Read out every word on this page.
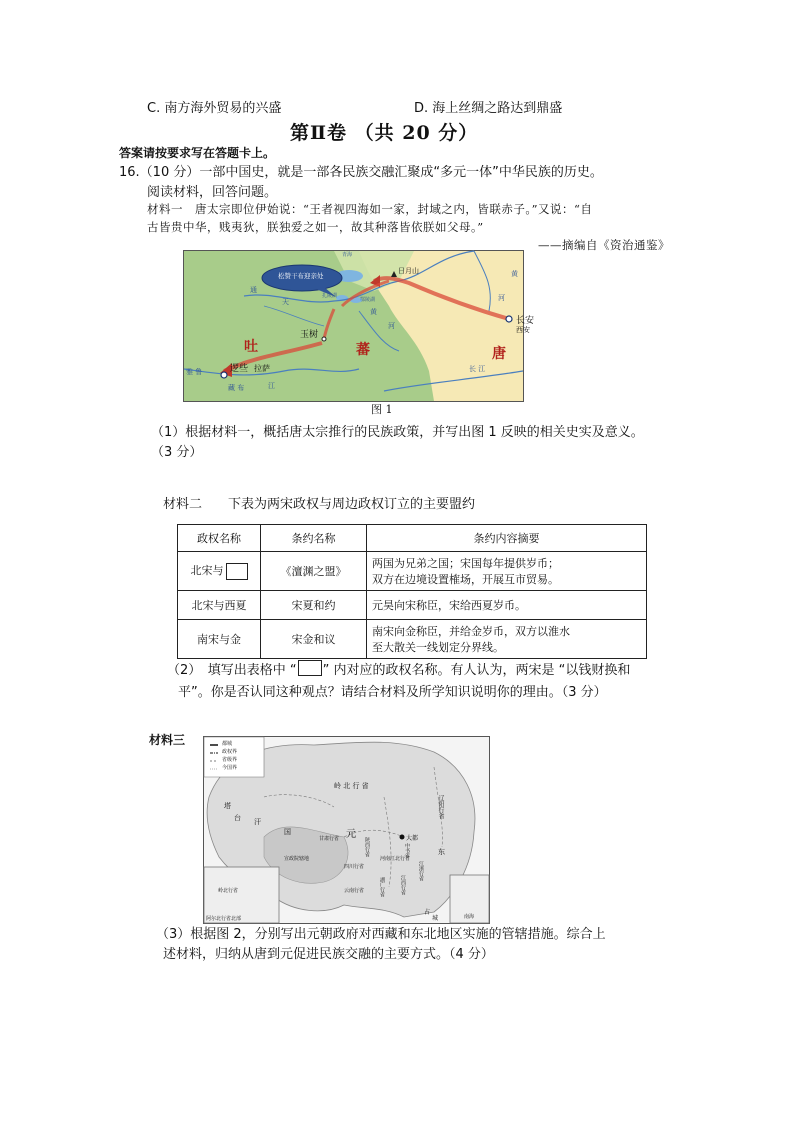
C. 南方海外贸易的兴盛	D. 海上丝绸之路达到鼎盛
第Ⅱ卷 （共 20 分）
答案请按要求写在答题卡上。
16.（10 分）一部中国史，就是一部各民族交融汇聚成“多元一体”中华民族的历史。
阅读材料，回答问题。
材料一　唐太宗即位伊始说：“王者视四海如一家，封域之内，皆联赤子。”又说：“自
古皆贵中华，贱夷狄，朕独爱之如一，故其种落皆依朕如父母。”
——摘编自《资治通鉴》
松赞干布迎亲处
青海
鄂陵湖
扎陵湖
日月山
长安
西安
玉树
逻些 拉萨
吐	蕃	唐
通
天
黄
河
黄
河
长 江
雅 鲁
藏 布	江
图 1
（1）根据材料一，概括唐太宗推行的民族政策，并写出图 1 反映的相关史实及意义。
（3 分）
材料二　　下表为两宋政权与周边政权订立的主要盟约
政权名称	条约名称	条约内容摘要
北宋与	《澶渊之盟》	两国为兄弟之国；宋国每年提供岁币；
双方在边境设置榷场，开展互市贸易。

北宋与西夏	宋夏和约	元昊向宋称臣，宋给西夏岁币。
南宋与金	宋金和议	南宋向金称臣，并给金岁币，双方以淮水
至大散关一线划定分界线。
（2）　填写出表格中 “ ” 内对应的政权名称。有人认为，两宋是 “以钱财换和
平”。你是否认同这种观点？请结合材料及所学知识说明你的理由。（3 分）
材料三	都城
政权界
省级界
今国界
岭 北 行 省
辽阳行省
大都
中书省
元
甘肃行省	陕西行省
河南江北行省
宣政院辖地
四川行省
湖广行省	江西行省
江浙行省
云南行省
塔
台 汗
国
东
占
城	南海
岭北行省
阿尔北行省北部
（3）根据图 2，分别写出元朝政府对西藏和东北地区实施的管辖措施。综合上
述材料，归纳从唐到元促进民族交融的主要方式。（4 分）
